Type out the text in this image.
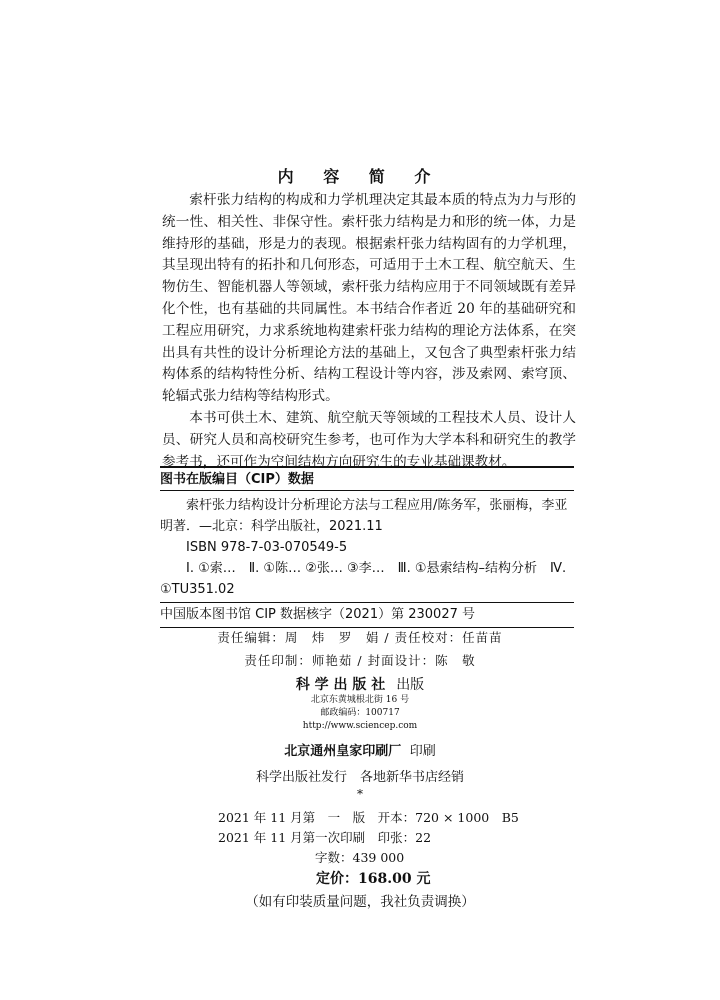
内 容 简 介

索杆张力结构的构成和力学机理决定其最本质的特点为力与形的统一性、相关性、非保守性。索杆张力结构是力和形的统一体，力是维持形的基础，形是力的表现。根据索杆张力结构固有的力学机理，其呈现出特有的拓扑和几何形态，可适用于土木工程、航空航天、生物仿生、智能机器人等领域，索杆张力结构应用于不同领域既有差异化个性，也有基础的共同属性。本书结合作者近 20 年的基础研究和工程应用研究，力求系统地构建索杆张力结构的理论方法体系，在突出具有共性的设计分析理论方法的基础上，又包含了典型索杆张力结构体系的结构特性分析、结构工程设计等内容，涉及索网、索穹顶、轮辐式张力结构等结构形式。

本书可供土木、建筑、航空航天等领域的工程技术人员、设计人员、研究人员和高校研究生参考，也可作为大学本科和研究生的教学参考书，还可作为空间结构方向研究生的专业基础课教材。

图书在版编目（CIP）数据

索杆张力结构设计分析理论方法与工程应用/陈务军，张丽梅，李亚明著．—北京：科学出版社，2021.11

ISBN 978-7-03-070549-5

Ⅰ. ①索…　Ⅱ. ①陈… ②张… ③李…　Ⅲ. ①悬索结构–结构分析　Ⅳ. ①TU351.02

中国版本图书馆 CIP 数据核字（2021）第 230027 号
责任编辑：周　炜　罗　娟 / 责任校对：任苗苗
责任印制：师艳茹 / 封面设计：陈　敬
科 学 出 版 社 出版
北京东黄城根北街 16 号
邮政编码：100717
http://www.sciencep.com
北京通州皇家印刷厂 印刷
科学出版社发行　各地新华书店经销
*
2021 年 11 月第　一　版　开本：720 × 1000　B5
2021 年 11 月第一次印刷　印张：22
字数：439 000
定价：168.00 元
（如有印装质量问题，我社负责调换）
